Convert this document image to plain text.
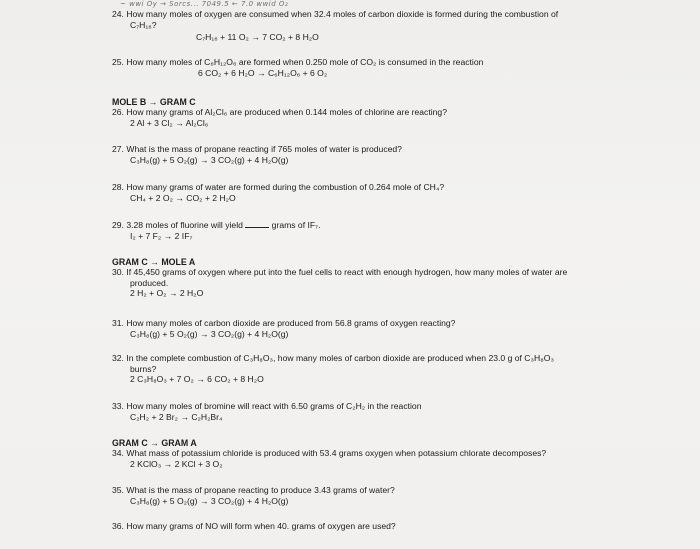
~ wwi Oy → Sorcs... 7049.5 ← 7.0 wwid O₂
24. How many moles of oxygen are consumed when 32.4 moles of carbon dioxide is formed during the combustion of
C₇H₁₆?
C₇H₁₆ + 11 O₂ → 7 CO₂ + 8 H₂O
25. How many moles of C₆H₁₂O₆ are formed when 0.250 mole of CO₂ is consumed in the reaction
6 CO₂ + 6 H₂O → C₆H₁₂O₆ + 6 O₂
MOLE B → GRAM C
26. How many grams of Al₂Cl₆ are produced when 0.144 moles of chlorine are reacting?
2 Al + 3 Cl₂ → Al₂Cl₆
27. What is the mass of propane reacting if 765 moles of water is produced?
C₃H₈(g) + 5 O₂(g) → 3 CO₂(g) + 4 H₂O(g)
28. How many grams of water are formed during the combustion of 0.264 mole of CH₄?
CH₄ + 2 O₂ → CO₂ + 2 H₂O
29. 3.28 moles of fluorine will yield	grams of IF₇.
I₂ + 7 F₂ → 2 IF₇
GRAM C → MOLE A
30. If 45,450 grams of oxygen where put into the fuel cells to react with enough hydrogen, how many moles of water are
produced.
2 H₂ + O₂ → 2 H₂O
31. How many moles of carbon dioxide are produced from 56.8 grams of oxygen reacting?
C₃H₈(g) + 5 O₂(g) → 3 CO₂(g) + 4 H₂O(g)
32. In the complete combustion of C₃H₈O₃, how many moles of carbon dioxide are produced when 23.0 g of C₃H₈O₃
burns?
2 C₃H₈O₃ + 7 O₂ → 6 CO₂ + 8 H₂O
33. How many moles of bromine will react with 6.50 grams of C₂H₂ in the reaction
C₂H₂ + 2 Br₂ → C₂H₂Br₄
GRAM C → GRAM A
34. What mass of potassium chloride is produced with 53.4 grams oxygen when potassium chlorate decomposes?
2 KClO₃ → 2 KCl + 3 O₂
35. What is the mass of propane reacting to produce 3.43 grams of water?
C₃H₈(g) + 5 O₂(g) → 3 CO₂(g) + 4 H₂O(g)
36. How many grams of NO will form when 40. grams of oxygen are used?
